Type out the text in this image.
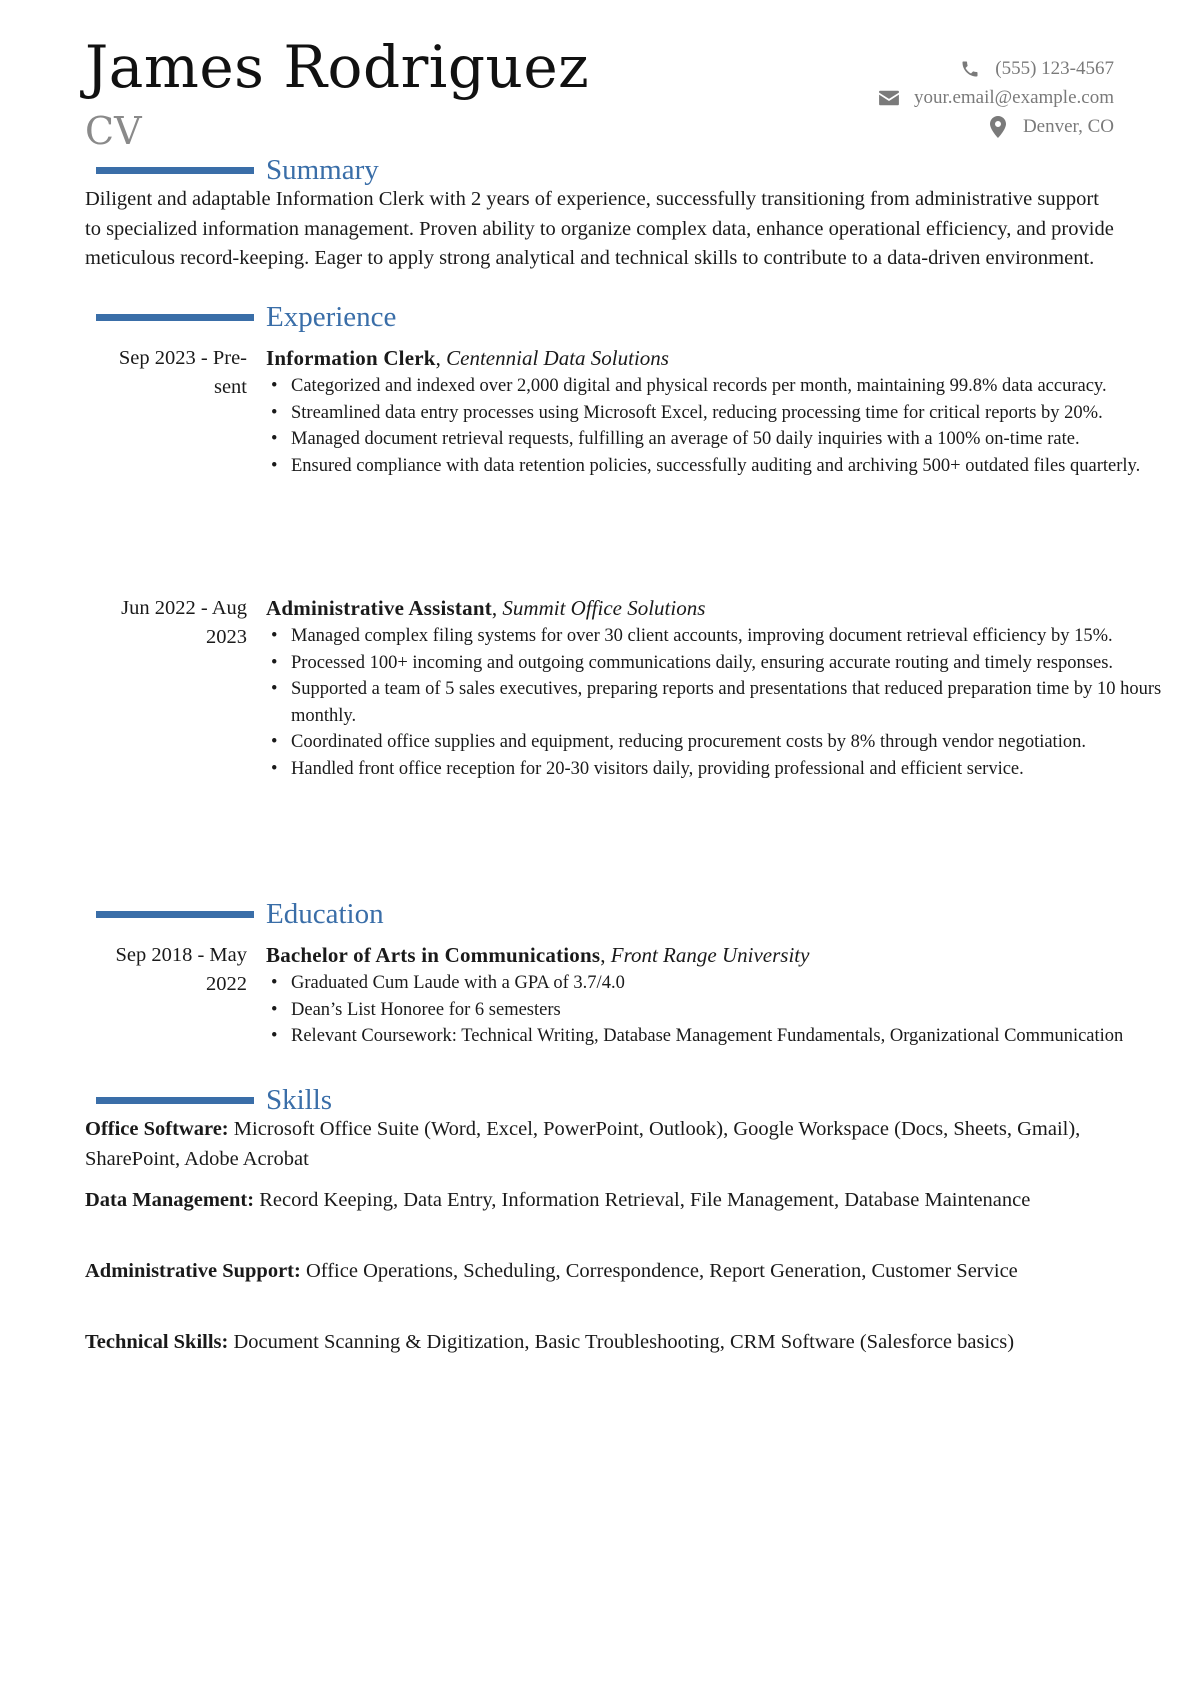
James Rodriguez
CV
(555) 123-4567
your.email@example.com
Denver, CO
Summary
Diligent and adaptable Information Clerk with 2 years of experience, successfully transitioning from administrative support to specialized information management. Proven ability to organize complex data, enhance operational efficiency, and provide meticulous record-keeping. Eager to apply strong analytical and technical skills to contribute to a data-driven environment.
Experience
Sep 2023 - Pre-
sent
Information Clerk, Centennial Data Solutions
• Categorized and indexed over 2,000 digital and physical records per month, maintaining 99.8% data accuracy.
• Streamlined data entry processes using Microsoft Excel, reducing processing time for critical reports by 20%.
• Managed document retrieval requests, fulfilling an average of 50 daily inquiries with a 100% on-time rate.
• Ensured compliance with data retention policies, successfully auditing and archiving 500+ outdated files quarterly.
Jun 2022 - Aug
2023
Administrative Assistant, Summit Office Solutions
• Managed complex filing systems for over 30 client accounts, improving document retrieval efficiency by 15%.
• Processed 100+ incoming and outgoing communications daily, ensuring accurate routing and timely responses.
• Supported a team of 5 sales executives, preparing reports and presentations that reduced preparation time by 10 hours monthly.
• Coordinated office supplies and equipment, reducing procurement costs by 8% through vendor negotiation.
• Handled front office reception for 20-30 visitors daily, providing professional and efficient service.
Education
Sep 2018 - May
2022
Bachelor of Arts in Communications, Front Range University
• Graduated Cum Laude with a GPA of 3.7/4.0
• Dean’s List Honoree for 6 semesters
• Relevant Coursework: Technical Writing, Database Management Fundamentals, Organizational Communication
Skills
Office Software: Microsoft Office Suite (Word, Excel, PowerPoint, Outlook), Google Workspace (Docs, Sheets, Gmail), SharePoint, Adobe Acrobat
Data Management: Record Keeping, Data Entry, Information Retrieval, File Management, Database Maintenance
Administrative Support: Office Operations, Scheduling, Correspondence, Report Generation, Customer Service
Technical Skills: Document Scanning & Digitization, Basic Troubleshooting, CRM Software (Salesforce basics)
